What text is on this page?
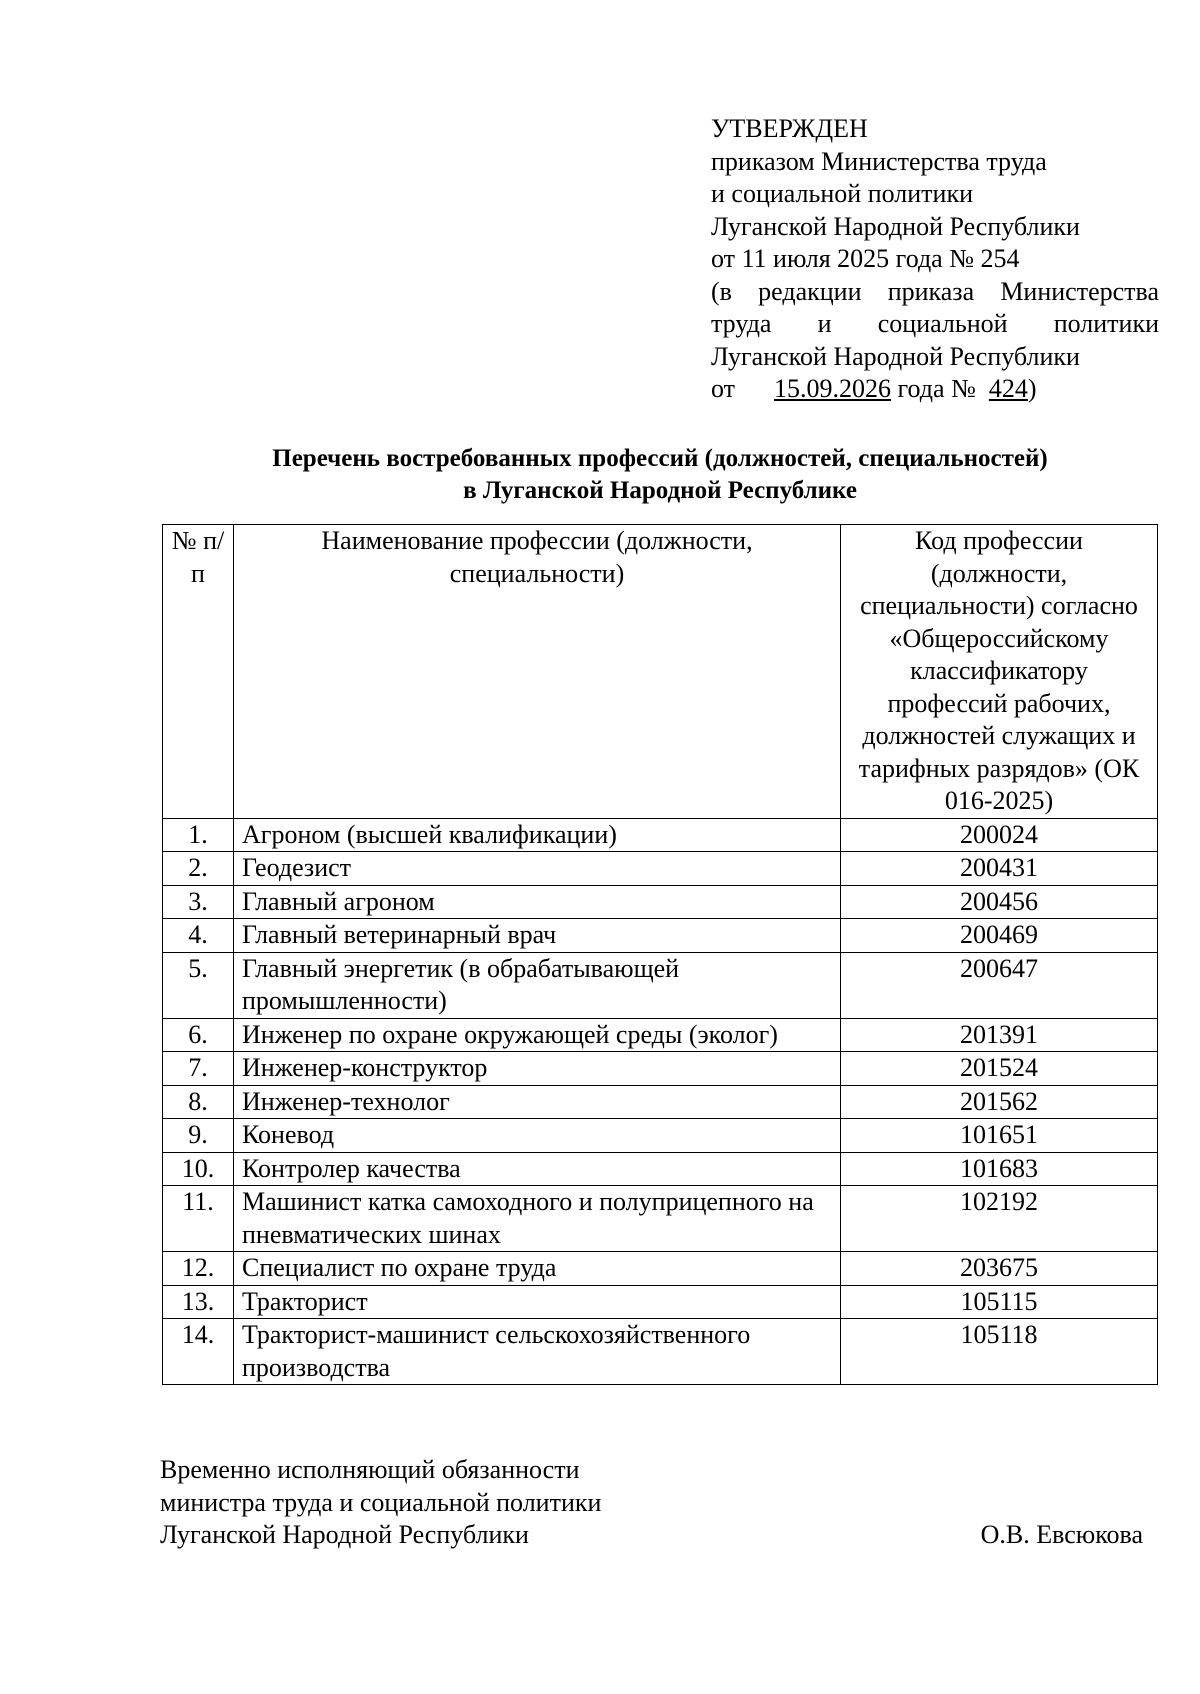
УТВЕРЖДЕН
приказом Министерства труда
и социальной политики
Луганской Народной Республики
от 11 июля 2025 года № 254
(в редакции приказа Министерства
труда и социальной политики
Луганской Народной Республики
от      15.09.2026 года №  424)
Перечень востребованных профессий (должностей, специальностей)
в Луганской Народной Республике
№ п/п	Наименование профессии (должности, специальности)	Код профессии (должности, специальности) согласно «Общероссийскому классификатору профессий рабочих, должностей служащих и тарифных разрядов» (ОК 016-2025)
1.	Агроном (высшей квалификации)	200024
2.	Геодезист	200431
3.	Главный агроном	200456
4.	Главный ветеринарный врач	200469
5.	Главный энергетик (в обрабатывающей промышленности)	200647
6.	Инженер по охране окружающей среды (эколог)	201391
7.	Инженер-конструктор	201524
8.	Инженер-технолог	201562
9.	Коневод	101651
10.	Контролер качества	101683
11.	Машинист катка самоходного и полуприцепного на пневматических шинах	102192
12.	Специалист по охране труда	203675
13.	Тракторист	105115
14.	Тракторист-машинист сельскохозяйственного производства	105118
Временно исполняющий обязанности
министра труда и социальной политики
Луганской Народной Республики	О.В. Евсюкова
